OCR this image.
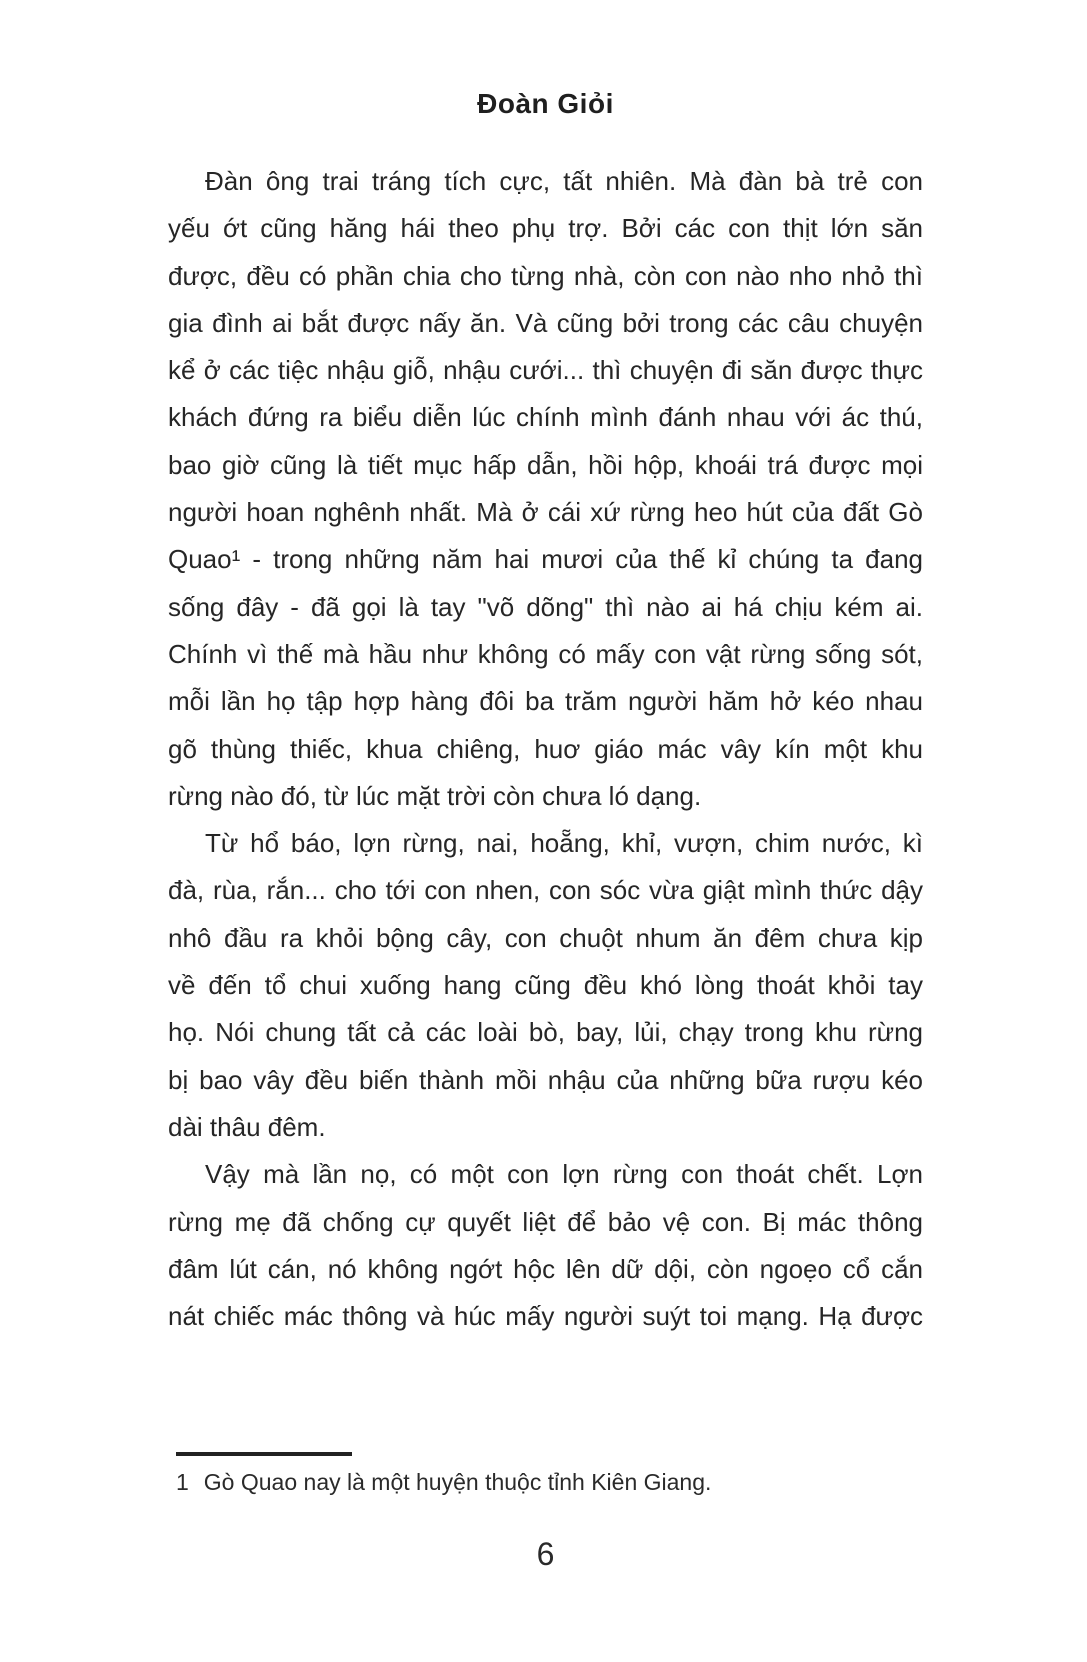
Đoàn Giỏi
Đàn ông trai tráng tích cực, tất nhiên. Mà đàn bà trẻ con
yếu ớt cũng hăng hái theo phụ trợ. Bởi các con thịt lớn săn
được, đều có phần chia cho từng nhà, còn con nào nho nhỏ thì
gia đình ai bắt được nấy ăn. Và cũng bởi trong các câu chuyện
kể ở các tiệc nhậu giỗ, nhậu cưới... thì chuyện đi săn được thực
khách đứng ra biểu diễn lúc chính mình đánh nhau với ác thú,
bao giờ cũng là tiết mục hấp dẫn, hồi hộp, khoái trá được mọi
người hoan nghênh nhất. Mà ở cái xứ rừng heo hút của đất Gò
Quao¹ - trong những năm hai mươi của thế kỉ chúng ta đang
sống đây - đã gọi là tay "võ dõng" thì nào ai há chịu kém ai.
Chính vì thế mà hầu như không có mấy con vật rừng sống sót,
mỗi lần họ tập hợp hàng đôi ba trăm người hăm hở kéo nhau
gõ thùng thiếc, khua chiêng, huơ giáo mác vây kín một khu
rừng nào đó, từ lúc mặt trời còn chưa ló dạng.
Từ hổ báo, lợn rừng, nai, hoẵng, khỉ, vượn, chim nước, kì
đà, rùa, rắn... cho tới con nhen, con sóc vừa giật mình thức dậy
nhô đầu ra khỏi bộng cây, con chuột nhum ăn đêm chưa kịp
về đến tổ chui xuống hang cũng đều khó lòng thoát khỏi tay
họ. Nói chung tất cả các loài bò, bay, lủi, chạy trong khu rừng
bị bao vây đều biến thành mồi nhậu của những bữa rượu kéo
dài thâu đêm.
Vậy mà lần nọ, có một con lợn rừng con thoát chết. Lợn
rừng mẹ đã chống cự quyết liệt để bảo vệ con. Bị mác thông
đâm lút cán, nó không ngớt hộc lên dữ dội, còn ngoẹo cổ cắn
nát chiếc mác thông và húc mấy người suýt toi mạng. Hạ được
1 Gò Quao nay là một huyện thuộc tỉnh Kiên Giang.
6
